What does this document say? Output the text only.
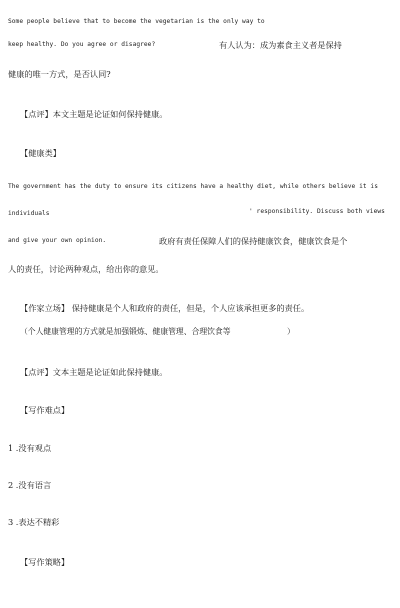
Some people believe that to become the vegetarian is the only way to
keep healthy. Do you agree or disagree?	有人认为：成为素食主义者是保持
健康的唯一方式，是否认同?
【点评】本文主题是论证如何保持健康。
【健康类】
The government has the duty to ensure its citizens have a healthy diet, while others believe it is
individuals	' responsibility. Discuss both views
and give your own opinion.	政府有责任保障人们的保持健康饮食，健康饮食是个
人的责任，讨论两种观点，给出你的意见。
【作家立场】 保持健康是个人和政府的责任，但是，个人应该承担更多的责任。
（个人健康管理的方式就是加强锻炼、健康管理、合理饮食等	）
【点评】文本主题是论证如此保持健康。
【写作难点】
1 .没有观点
2 .没有语言
3 .表达不精彩
【写作策略】
